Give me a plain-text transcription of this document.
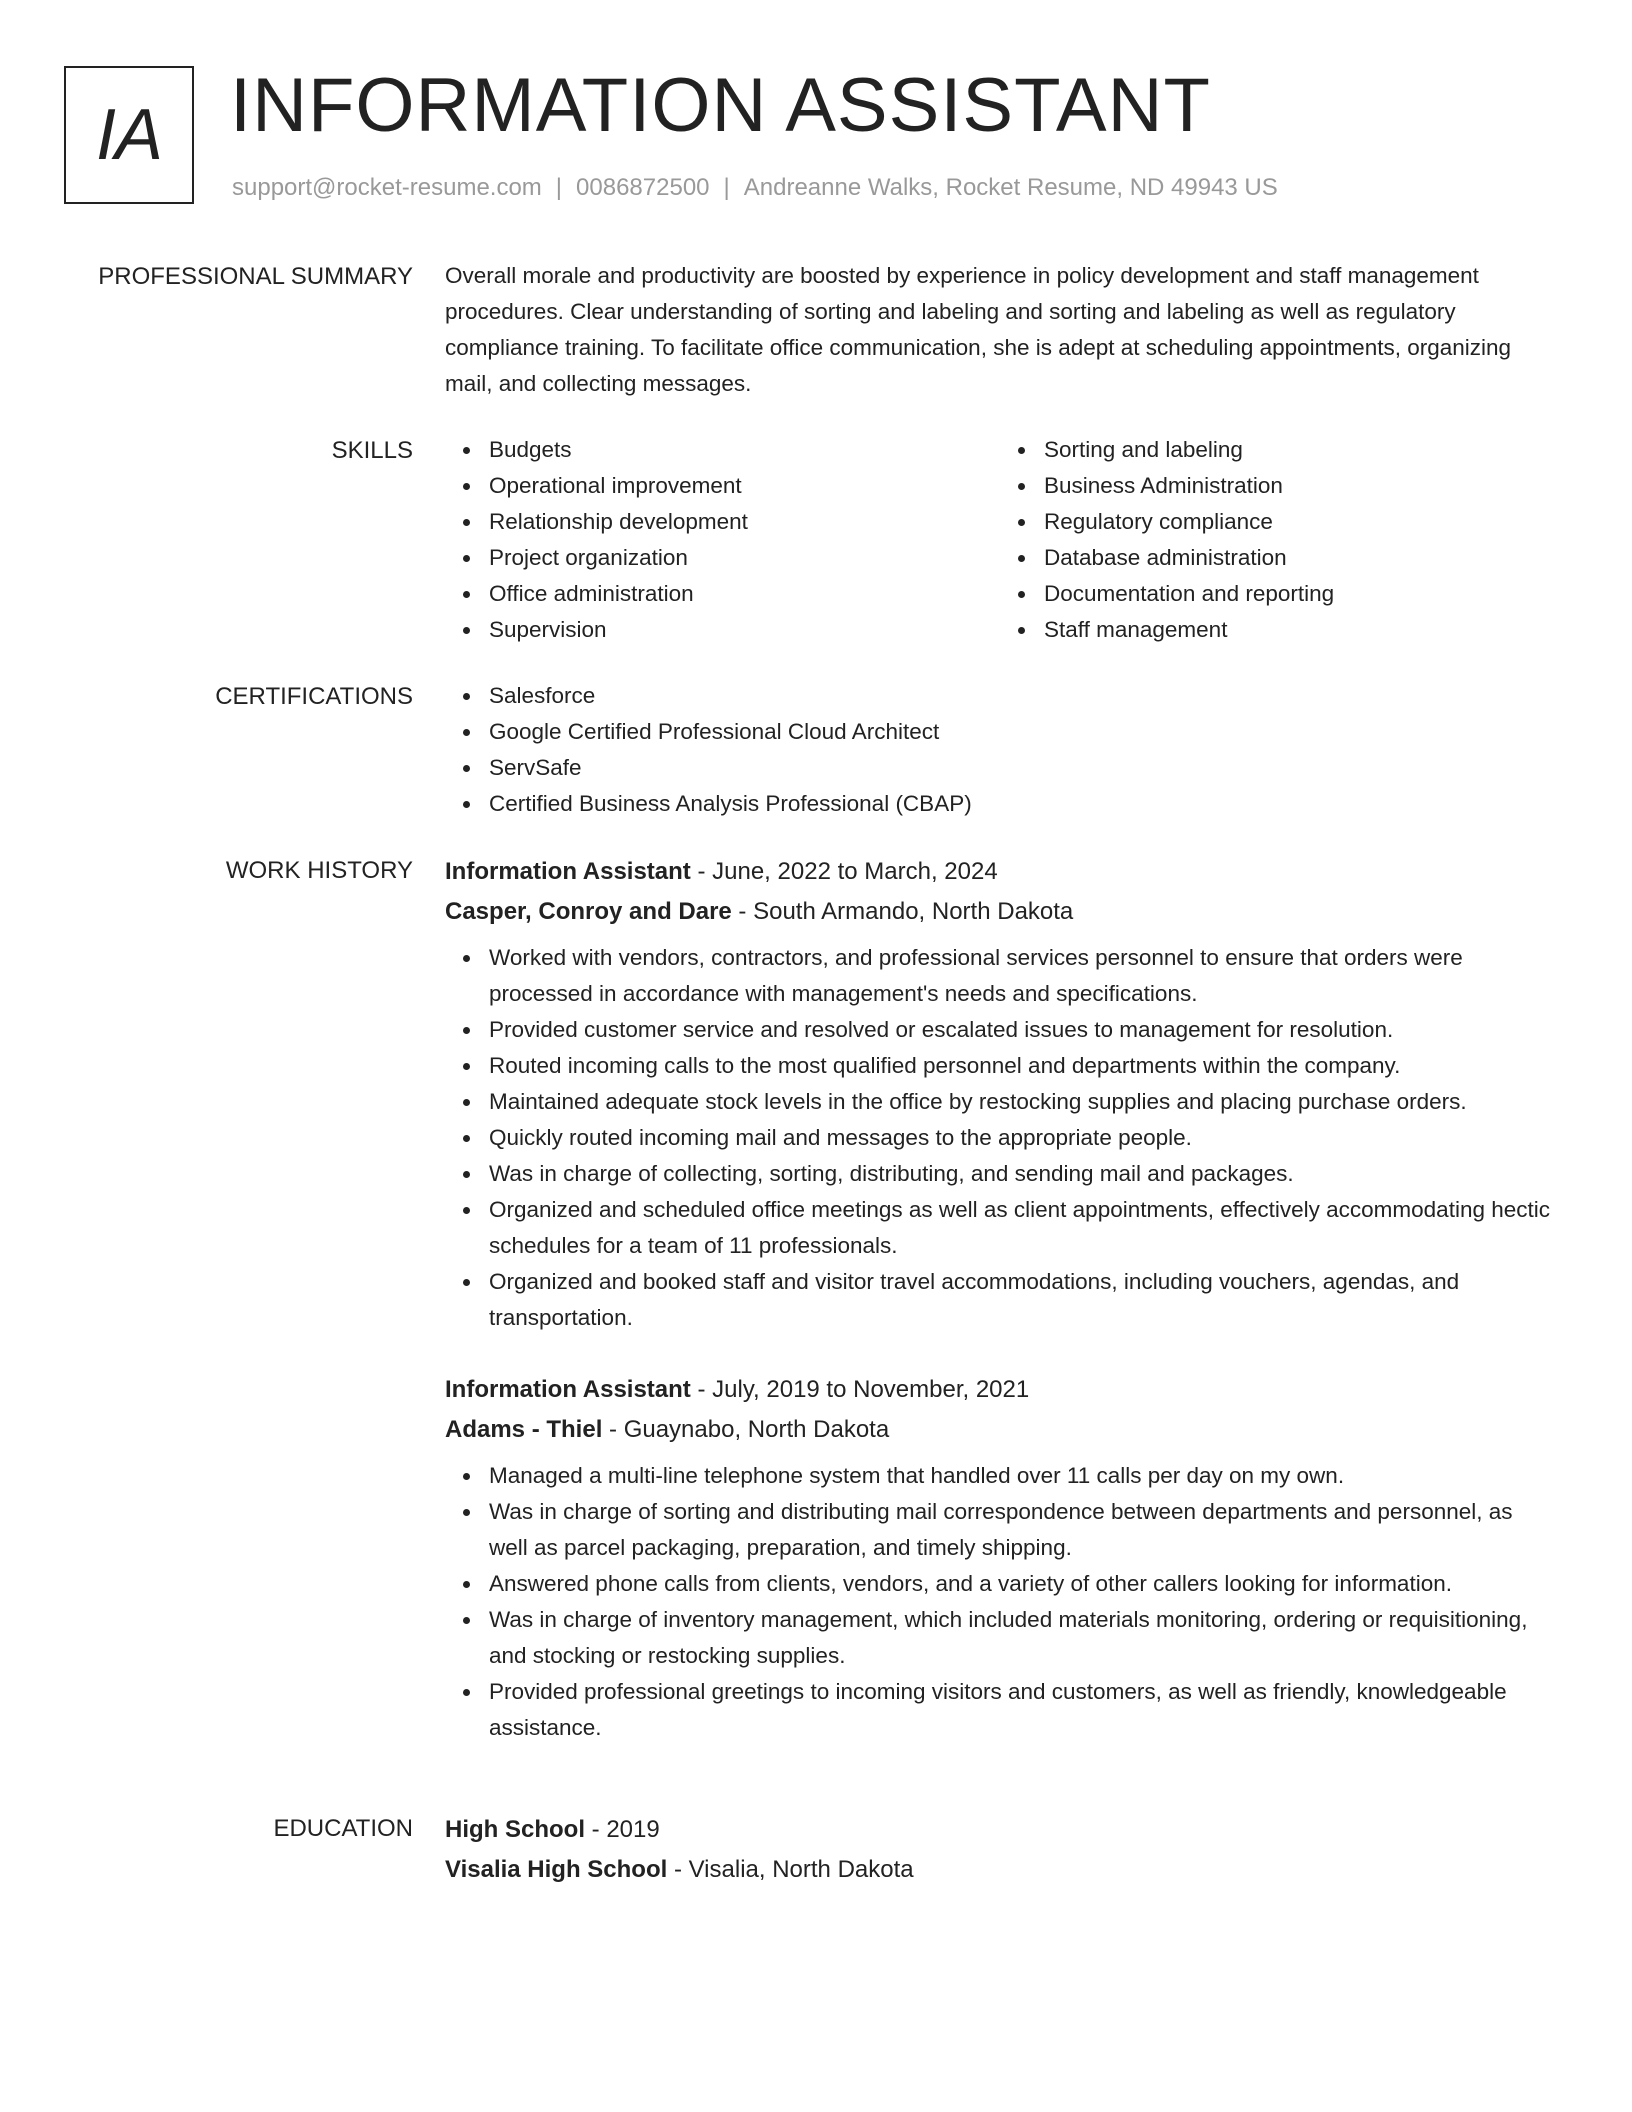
IA INFORMATION ASSISTANT
support@rocket-resume.com | 0086872500 | Andreanne Walks, Rocket Resume, ND 49943 US
PROFESSIONAL SUMMARY Overall morale and productivity are boosted by experience in policy development and staff management procedures. Clear understanding of sorting and labeling and sorting and labeling as well as regulatory compliance training. To facilitate office communication, she is adept at scheduling appointments, organizing mail, and collecting messages.

SKILLS	Budgets
Operational improvement
Relationship development
Project organization
Office administration
Supervision
Sorting and labeling
Business Administration
Regulatory compliance
Database administration
Documentation and reporting
Staff management
CERTIFICATIONS	Salesforce
Google Certified Professional Cloud Architect
ServSafe
Certified Business Analysis Professional (CBAP)
WORK HISTORY Information Assistant - June, 2022 to March, 2024
Casper, Conroy and Dare - South Armando, North Dakota
Worked with vendors, contractors, and professional services personnel to ensure that orders were processed in accordance with management's needs and specifications.
Provided customer service and resolved or escalated issues to management for resolution.
Routed incoming calls to the most qualified personnel and departments within the company.
Maintained adequate stock levels in the office by restocking supplies and placing purchase orders.
Quickly routed incoming mail and messages to the appropriate people.
Was in charge of collecting, sorting, distributing, and sending mail and packages.
Organized and scheduled office meetings as well as client appointments, effectively accommodating hectic schedules for a team of 11 professionals.
Organized and booked staff and visitor travel accommodations, including vouchers, agendas, and transportation.
Information Assistant - July, 2019 to November, 2021
Adams - Thiel - Guaynabo, North Dakota
Managed a multi-line telephone system that handled over 11 calls per day on my own.
Was in charge of sorting and distributing mail correspondence between departments and personnel, as well as parcel packaging, preparation, and timely shipping.
Answered phone calls from clients, vendors, and a variety of other callers looking for information.
Was in charge of inventory management, which included materials monitoring, ordering or requisitioning, and stocking or restocking supplies.
Provided professional greetings to incoming visitors and customers, as well as friendly, knowledgeable assistance.
EDUCATION High School - 2019
Visalia High School - Visalia, North Dakota
